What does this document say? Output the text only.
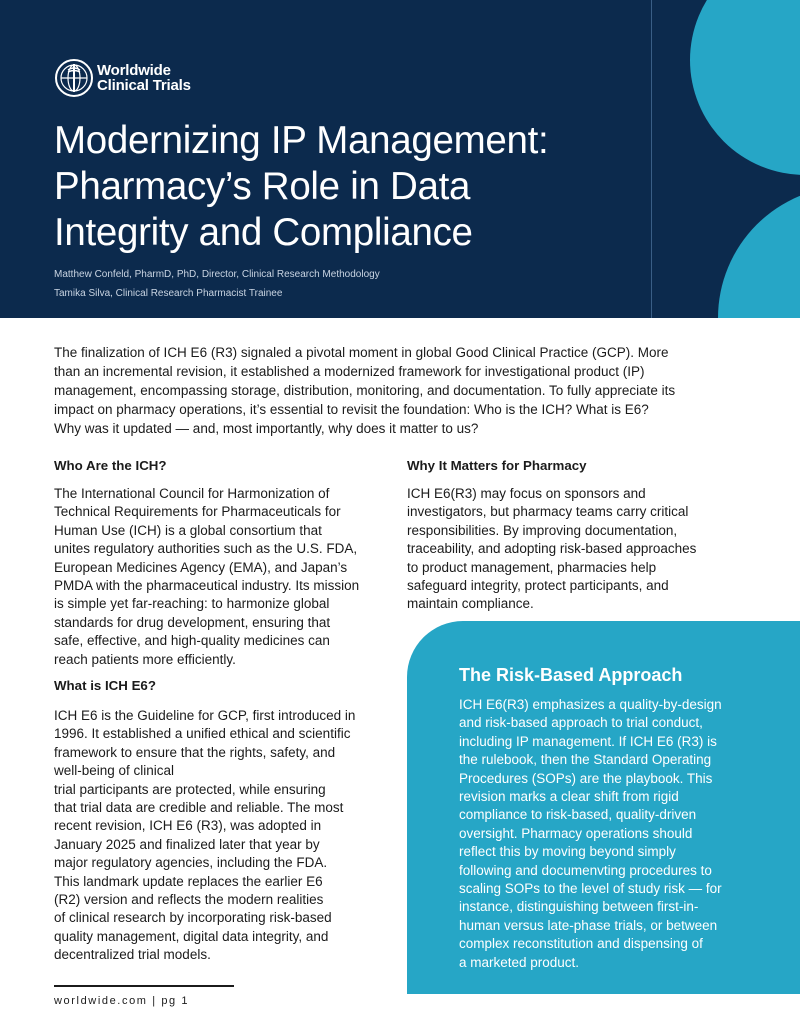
Worldwide
Clinical Trials
Modernizing IP Management:
Pharmacy’s Role in Data
Integrity and Compliance
Matthew Confeld, PharmD, PhD, Director, Clinical Research Methodology
Tamika Silva, Clinical Research Pharmacist Trainee
The finalization of ICH E6 (R3) signaled a pivotal moment in global Good Clinical Practice (GCP). More
than an incremental revision, it established a modernized framework for investigational product (IP)
management, encompassing storage, distribution, monitoring, and documentation. To fully appreciate its
impact on pharmacy operations, it’s essential to revisit the foundation: Who is the ICH? What is E6?
Why was it updated — and, most importantly, why does it matter to us?
Who Are the ICH?
The International Council for Harmonization of
Technical Requirements for Pharmaceuticals for
Human Use (ICH) is a global consortium that
unites regulatory authorities such as the U.S. FDA,
European Medicines Agency (EMA), and Japan’s
PMDA with the pharmaceutical industry. Its mission
is simple yet far-reaching: to harmonize global
standards for drug development, ensuring that
safe, effective, and high-quality medicines can
reach patients more efficiently.
What is ICH E6?
ICH E6 is the Guideline for GCP, first introduced in
1996. It established a unified ethical and scientific
framework to ensure that the rights, safety, and
well-being of clinical
trial participants are protected, while ensuring
that trial data are credible and reliable. The most
recent revision, ICH E6 (R3), was adopted in
January 2025 and finalized later that year by
major regulatory agencies, including the FDA.
This landmark update replaces the earlier E6
(R2) version and reflects the modern realities
of clinical research by incorporating risk-based
quality management, digital data integrity, and
decentralized trial models.
Why It Matters for Pharmacy
ICH E6(R3) may focus on sponsors and
investigators, but pharmacy teams carry critical
responsibilities. By improving documentation,
traceability, and adopting risk-based approaches
to product management, pharmacies help
safeguard integrity, protect participants, and
maintain compliance.
The Risk-Based Approach
ICH E6(R3) emphasizes a quality-by-design
and risk-based approach to trial conduct,
including IP management. If ICH E6 (R3) is
the rulebook, then the Standard Operating
Procedures (SOPs) are the playbook. This
revision marks a clear shift from rigid
compliance to risk-based, quality-driven
oversight. Pharmacy operations should
reflect this by moving beyond simply
following and documenvting procedures to
scaling SOPs to the level of study risk — for
instance, distinguishing between first-in-
human versus late-phase trials, or between
complex reconstitution and dispensing of
a marketed product.
worldwide.com | pg 1
